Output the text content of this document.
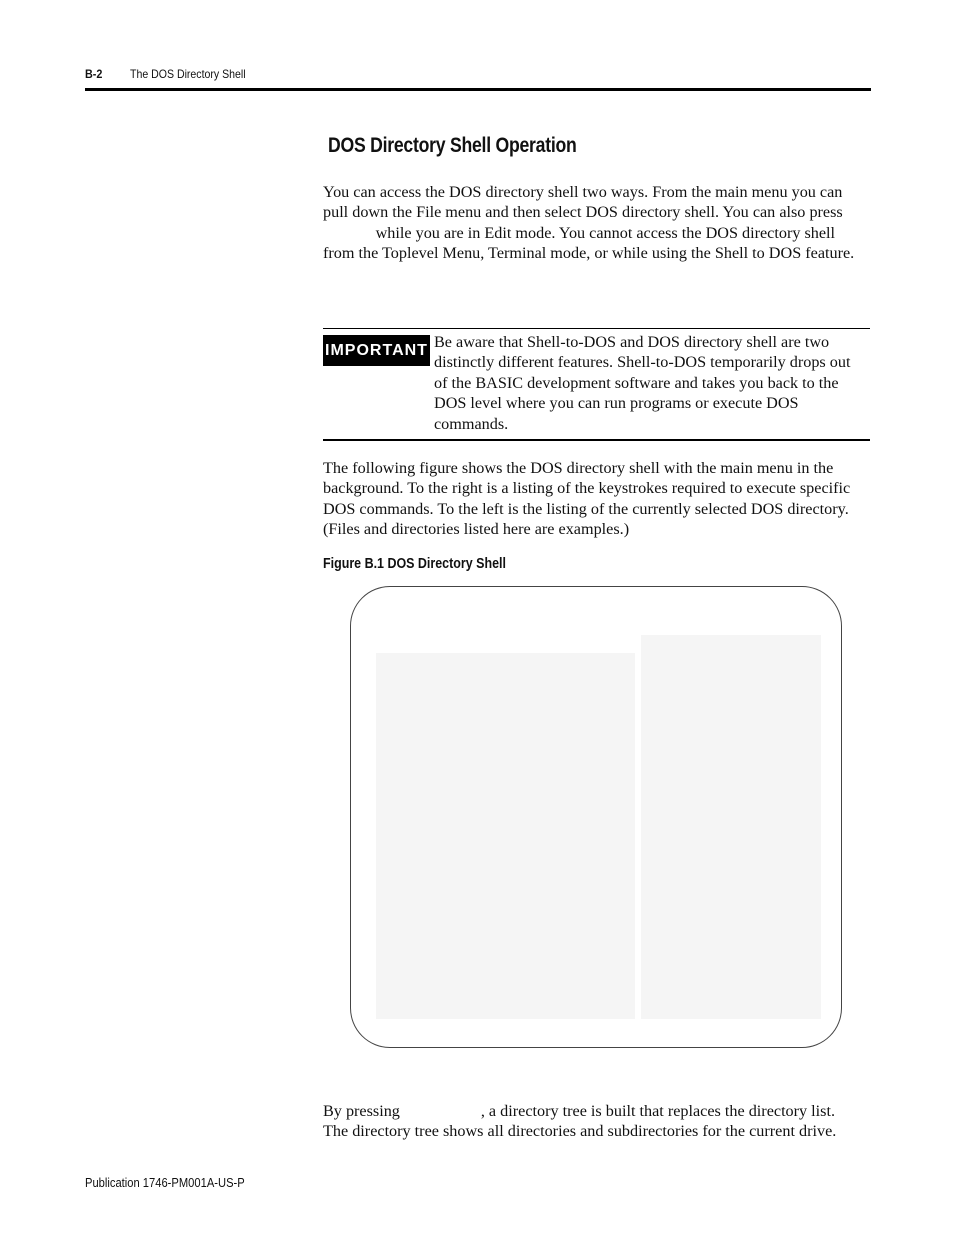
B-2 The DOS Directory Shell
DOS Directory Shell Operation

You can access the DOS directory shell two ways. From the main menu you can
pull down the File menu and then select DOS directory shell. You can also press
while you are in Edit mode. You cannot access the DOS directory shell
from the Toplevel Menu, Terminal mode, or while using the Shell to DOS feature.

IMPORTANT Be aware that Shell-to-DOS and DOS directory shell are two
distinctly different features. Shell-to-DOS temporarily drops out
of the BASIC development software and takes you back to the
DOS level where you can run programs or execute DOS
commands.

The following figure shows the DOS directory shell with the main menu in the
background. To the right is a listing of the keystrokes required to execute specific
DOS commands. To the left is the listing of the currently selected DOS directory.
(Files and directories listed here are examples.)

Figure B.1 DOS Directory Shell

By pressing                    , a directory tree is built that replaces the directory list.
The directory tree shows all directories and subdirectories for the current drive.

Publication 1746-PM001A-US-P
